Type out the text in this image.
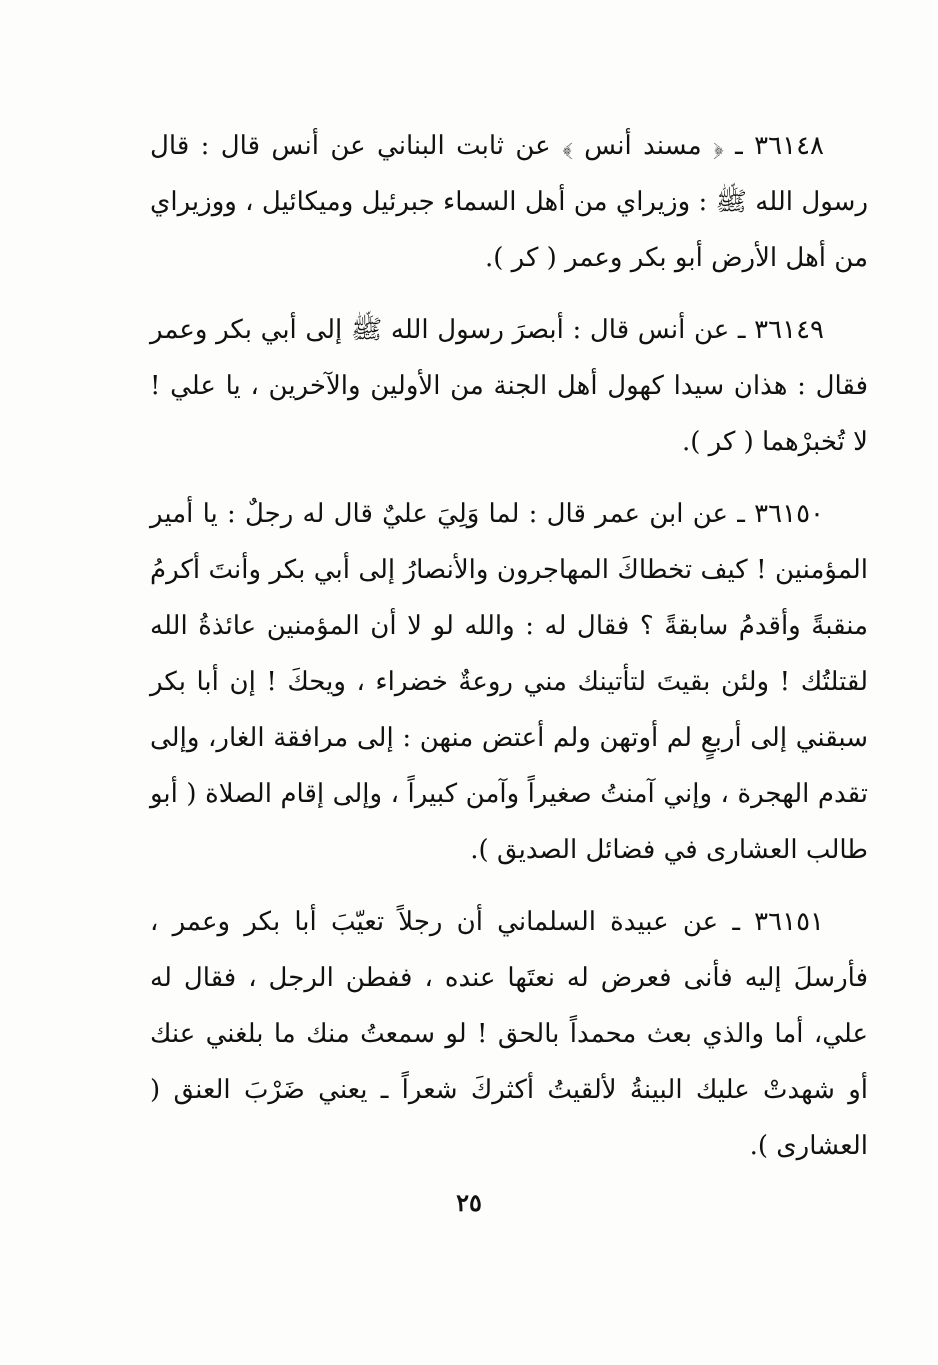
٣٦١٤٨ ـ ﴿ مسند أنس ﴾ عن ثابت البناني عن أنس قال : قال رسول الله ﷺ : وزيراي من أهل السماء جبرئيل وميكائيل ، ووزيراي من أهل الأرض أبو بكر وعمر ( كر ).

٣٦١٤٩ ـ عن أنس قال : أبصرَ رسول الله ﷺ إلى أبي بكر وعمر فقال : هذان سيدا كهول أهل الجنة من الأولين والآخرين ، يا علي ! لا تُخبرْهما ( كر ).

٣٦١٥٠ ـ عن ابن عمر قال : لما وَلِيَ عليٌ قال له رجلٌ : يا أمير المؤمنين ! كيف تخطاكَ المهاجرون والأنصارُ إلى أبي بكر وأنتَ أكرمُ منقبةً وأقدمُ سابقةً ؟ فقال له : والله لو لا أن المؤمنين عائذةُ الله لقتلتُك ! ولئن بقيتَ لتأتينك مني روعةٌ خضراء ، ويحكَ ! إن أبا بكر سبقني إلى أربعٍ لم أوتهن ولم أعتض منهن : إلى مرافقة الغار، وإلى تقدم الهجرة ، وإني آمنتُ صغيراً وآمن كبيراً ، وإلى إقام الصلاة ( أبو طالب العشارى في فضائل الصديق ).

٣٦١٥١ ـ عن عبيدة السلماني أن رجلاً تعيّبَ أبا بكر وعمر ، فأرسلَ إليه فأنى فعرض له نعتَها عنده ، ففطن الرجل ، فقال له علي، أما والذي بعث محمداً بالحق ! لو سمعتُ منك ما بلغني عنك أو شهدتْ عليك البينةُ لألقيتُ أكثركَ شعراً ـ يعني ضَرْبَ العنق ( العشارى ).

٢٥
